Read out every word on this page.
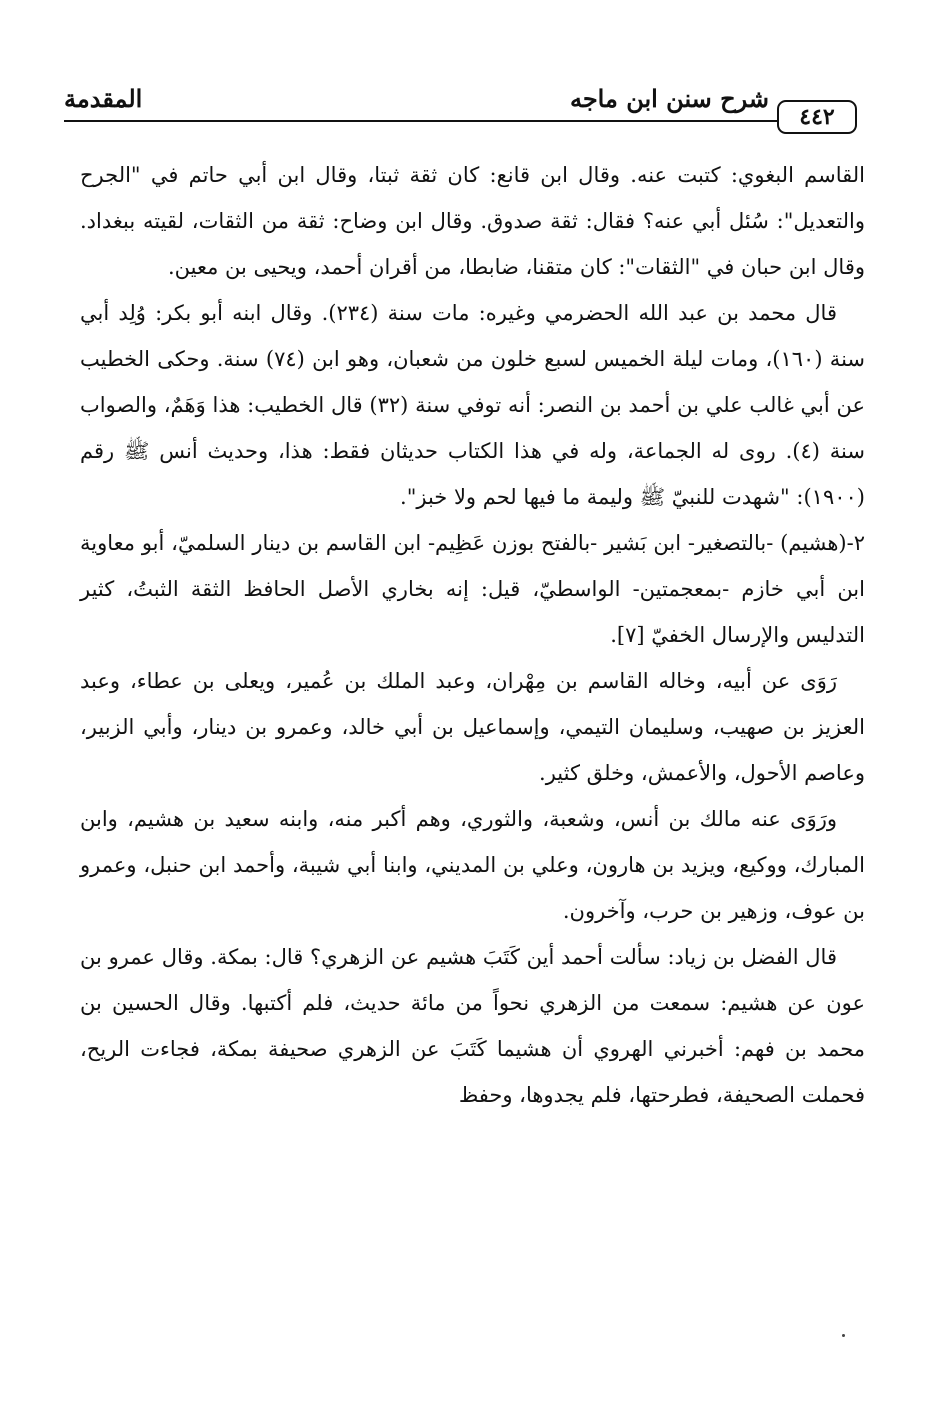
٤٤٢
شرح سنن ابن ماجه
المقدمة

القاسم البغوي: كتبت عنه. وقال ابن قانع: كان ثقة ثبتا، وقال ابن أبي حاتم في "الجرح والتعديل": سُئل أبي عنه؟ فقال: ثقة صدوق. وقال ابن وضاح: ثقة من الثقات، لقيته ببغداد. وقال ابن حبان في "الثقات": كان متقنا، ضابطا، من أقران أحمد، ويحيى بن معين.

قال محمد بن عبد الله الحضرمي وغيره: مات سنة (٢٣٤). وقال ابنه أبو بكر: وُلِد أبي سنة (١٦٠)، ومات ليلة الخميس لسبع خلون من شعبان، وهو ابن (٧٤) سنة. وحكى الخطيب عن أبي غالب علي بن أحمد بن النصر: أنه توفي سنة (٣٢) قال الخطيب: هذا وَهَمٌ، والصواب سنة (٤). روى له الجماعة، وله في هذا الكتاب حديثان فقط: هذا، وحديث أنس ﷺ رقم (١٩٠٠): "شهدت للنبيّ ﷺ وليمة ما فيها لحم ولا خبز".

٢-(هشيم) -بالتصغير- ابن بَشير -بالفتح بوزن عَظِيم- ابن القاسم بن دينار السلميّ، أبو معاوية ابن أبي خازم -بمعجمتين- الواسطيّ، قيل: إنه بخاري الأصل الحافظ الثقة الثبتُ، كثير التدليس والإرسال الخفيّ [٧].

رَوَى عن أبيه، وخاله القاسم بن مِهْران، وعبد الملك بن عُمير، ويعلى بن عطاء، وعبد العزيز بن صهيب، وسليمان التيمي، وإسماعيل بن أبي خالد، وعمرو بن دينار، وأبي الزبير، وعاصم الأحول، والأعمش، وخلق كثير.

ورَوَى عنه مالك بن أنس، وشعبة، والثوري، وهم أكبر منه، وابنه سعيد بن هشيم، وابن المبارك، ووكيع، ويزيد بن هارون، وعلي بن المديني، وابنا أبي شيبة، وأحمد ابن حنبل، وعمرو بن عوف، وزهير بن حرب، وآخرون.

قال الفضل بن زياد: سألت أحمد أين كَتَبَ هشيم عن الزهري؟ قال: بمكة. وقال عمرو بن عون عن هشيم: سمعت من الزهري نحواً من مائة حديث، فلم أكتبها. وقال الحسين بن محمد بن فهم: أخبرني الهروي أن هشيما كَتَبَ عن الزهري صحيفة بمكة، فجاءت الريح، فحملت الصحيفة، فطرحتها، فلم يجدوها، وحفظ
